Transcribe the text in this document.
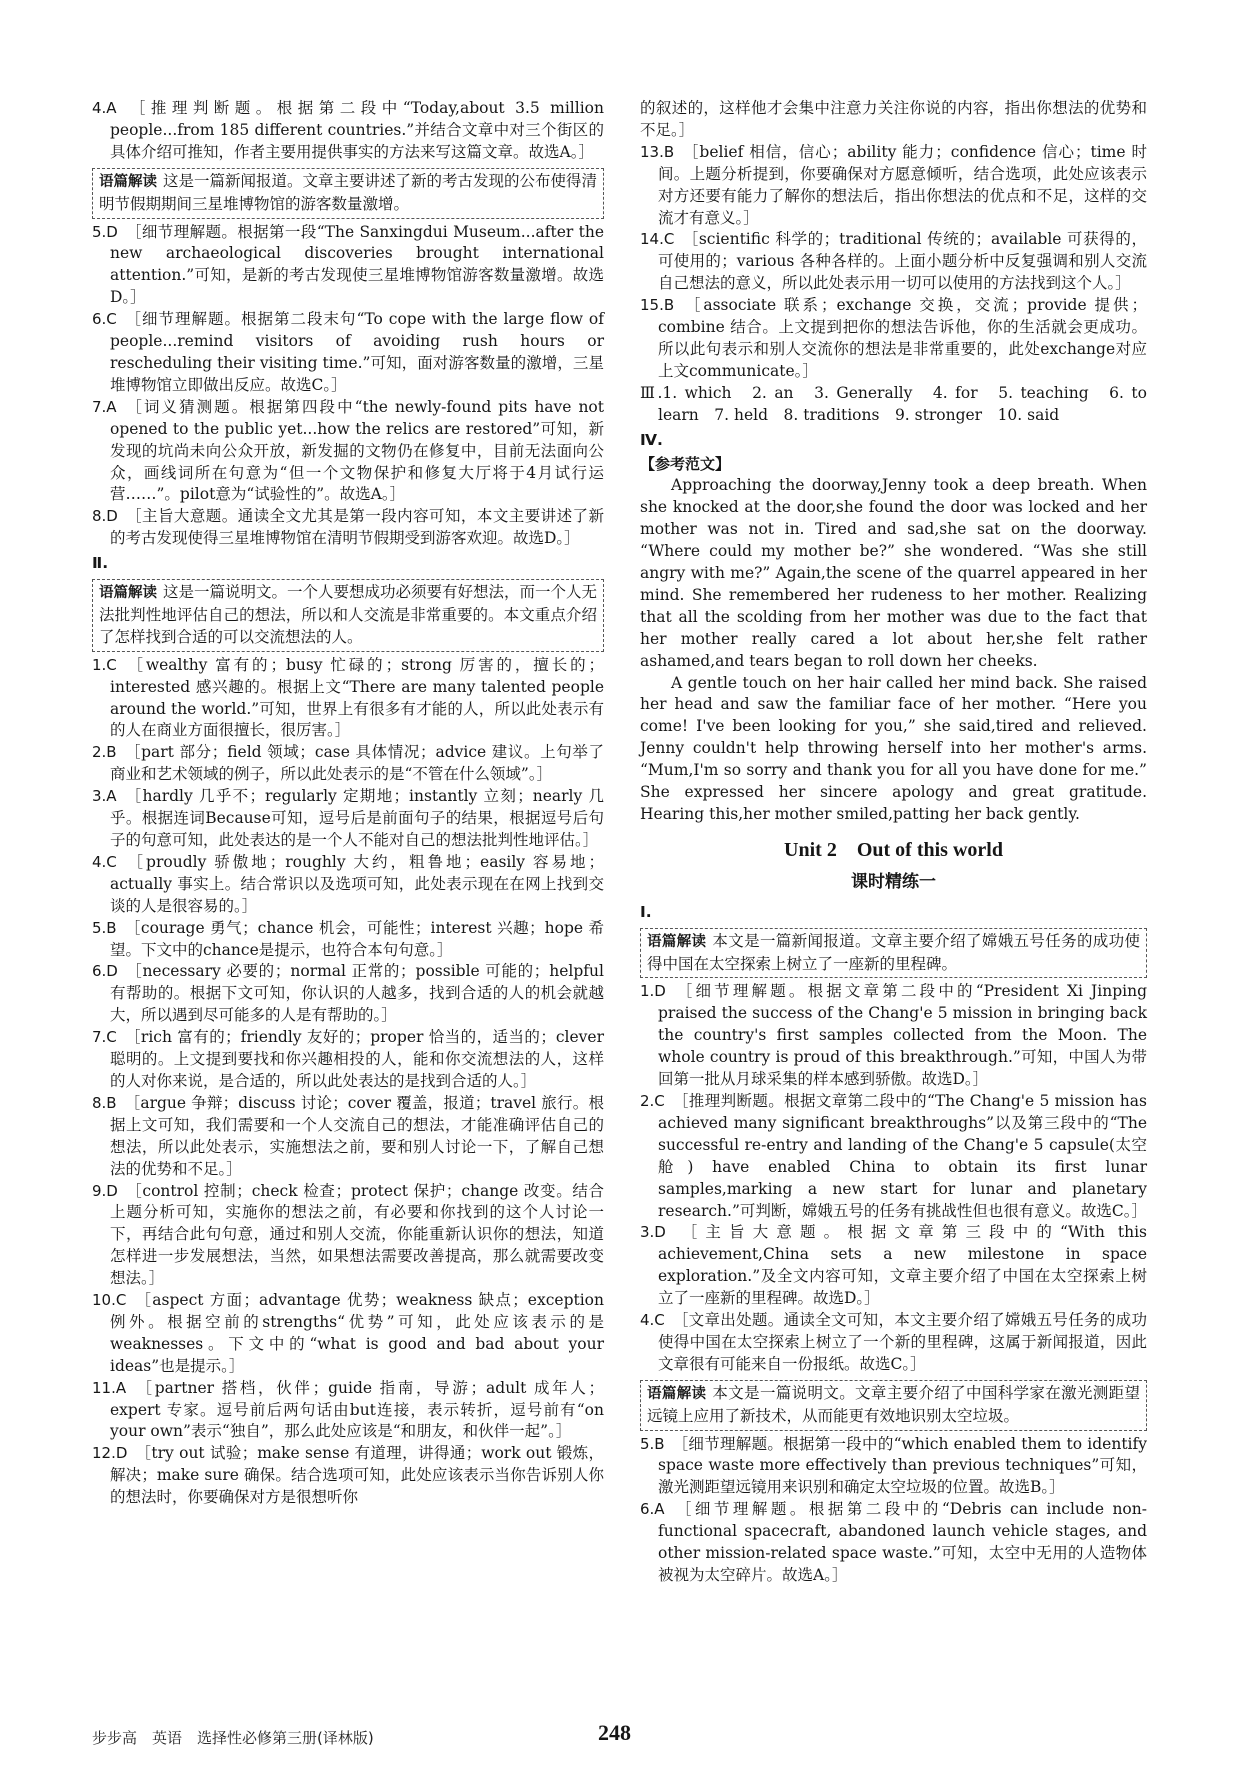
4.A  ［推理判断题。根据第二段中“Today,about 3.5 million people...from 185 different countries.”并结合文章中对三个街区的具体介绍可推知，作者主要用提供事实的方法来写这篇文章。故选A。］

语篇解读 这是一篇新闻报道。文章主要讲述了新的考古发现的公布使得清明节假期期间三星堆博物馆的游客数量激增。

5.D  ［细节理解题。根据第一段“The Sanxingdui Museum...after the new archaeological discoveries brought international attention.”可知，是新的考古发现使三星堆博物馆游客数量激增。故选D。］

6.C  ［细节理解题。根据第二段末句“To cope with the large flow of people...remind visitors of avoiding rush hours or rescheduling their visiting time.”可知，面对游客数量的激增，三星堆博物馆立即做出反应。故选C。］

7.A  ［词义猜测题。根据第四段中“the newly-found pits have not opened to the public yet...how the relics are restored”可知，新发现的坑尚未向公众开放，新发掘的文物仍在修复中，目前无法面向公众，画线词所在句意为“但一个文物保护和修复大厅将于4月试行运营……”。pilot意为“试验性的”。故选A。］

8.D  ［主旨大意题。通读全文尤其是第一段内容可知，本文主要讲述了新的考古发现使得三星堆博物馆在清明节假期受到游客欢迎。故选D。］

Ⅱ.
语篇解读 这是一篇说明文。一个人要想成功必须要有好想法，而一个人无法批判性地评估自己的想法，所以和人交流是非常重要的。本文重点介绍了怎样找到合适的可以交流想法的人。

1.C  ［wealthy 富有的；busy 忙碌的；strong 厉害的，擅长的；interested 感兴趣的。根据上文“There are many talented people around the world.”可知，世界上有很多有才能的人，所以此处表示有的人在商业方面很擅长，很厉害。］

2.B  ［part 部分；field 领域；case 具体情况；advice 建议。上句举了商业和艺术领域的例子，所以此处表示的是“不管在什么领域”。］

3.A  ［hardly 几乎不；regularly 定期地；instantly 立刻；nearly 几乎。根据连词Because可知，逗号后是前面句子的结果，根据逗号后句子的句意可知，此处表达的是一个人不能对自己的想法批判性地评估。］

4.C  ［proudly 骄傲地；roughly 大约，粗鲁地；easily 容易地；actually 事实上。结合常识以及选项可知，此处表示现在在网上找到交谈的人是很容易的。］

5.B  ［courage 勇气；chance 机会，可能性；interest 兴趣；hope 希望。下文中的chance是提示，也符合本句句意。］

6.D  ［necessary 必要的；normal 正常的；possible 可能的；helpful 有帮助的。根据下文可知，你认识的人越多，找到合适的人的机会就越大，所以遇到尽可能多的人是有帮助的。］

7.C  ［rich 富有的；friendly 友好的；proper 恰当的，适当的；clever 聪明的。上文提到要找和你兴趣相投的人，能和你交流想法的人，这样的人对你来说，是合适的，所以此处表达的是找到合适的人。］

8.B  ［argue 争辩；discuss 讨论；cover 覆盖，报道；travel 旅行。根据上文可知，我们需要和一个人交流自己的想法，才能准确评估自己的想法，所以此处表示，实施想法之前，要和别人讨论一下，了解自己想法的优势和不足。］

9.D  ［control 控制；check 检查；protect 保护；change 改变。结合上题分析可知，实施你的想法之前，有必要和你找到的这个人讨论一下，再结合此句句意，通过和别人交流，你能重新认识你的想法，知道怎样进一步发展想法，当然，如果想法需要改善提高，那么就需要改变想法。］

10.C  ［aspect 方面；advantage 优势；weakness 缺点；exception 例外。根据空前的strengths“优势”可知，此处应该表示的是weaknesses。下文中的“what is good and bad about your ideas”也是提示。］

11.A  ［partner 搭档，伙伴；guide 指南，导游；adult 成年人；expert 专家。逗号前后两句话由but连接，表示转折，逗号前有“on your own”表示“独自”，那么此处应该是“和朋友，和伙伴一起”。］

12.D  ［try out 试验；make sense 有道理，讲得通；work out 锻炼，解决；make sure 确保。结合选项可知，此处应该表示当你告诉别人你的想法时，你要确保对方是很想听你

的叙述的，这样他才会集中注意力关注你说的内容，指出你想法的优势和不足。］

13.B  ［belief 相信，信心；ability 能力；confidence 信心；time 时间。上题分析提到，你要确保对方愿意倾听，结合选项，此处应该表示对方还要有能力了解你的想法后，指出你想法的优点和不足，这样的交流才有意义。］

14.C  ［scientific 科学的；traditional 传统的；available 可获得的，可使用的；various 各种各样的。上面小题分析中反复强调和别人交流自己想法的意义，所以此处表示用一切可以使用的方法找到这个人。］

15.B  ［associate 联系；exchange 交换，交流；provide 提供；combine 结合。上文提到把你的想法告诉他，你的生活就会更成功。所以此句表示和别人交流你的想法是非常重要的，此处exchange对应上文communicate。］

Ⅲ.1. which　2. an　3. Generally　4. for　5. teaching　6. to learn　7. held　8. traditions　9. stronger　10. said

Ⅳ.
【参考范文】

Approaching the doorway,Jenny took a deep breath. When she knocked at the door,she found the door was locked and her mother was not in. Tired and sad,she sat on the doorway. “Where could my mother be?” she wondered. “Was she still angry with me?” Again,the scene of the quarrel appeared in her mind. She remembered her rudeness to her mother. Realizing that all the scolding from her mother was due to the fact that her mother really cared a lot about her,she felt rather ashamed,and tears began to roll down her cheeks.

A gentle touch on her hair called her mind back. She raised her head and saw the familiar face of her mother. “Here you come! I've been looking for you,” she said,tired and relieved. Jenny couldn't help throwing herself into her mother's arms. “Mum,I'm so sorry and thank you for all you have done for me.” She expressed her sincere apology and great gratitude. Hearing this,her mother smiled,patting her back gently.

Unit 2　Out of this world
课时精练一
Ⅰ.
语篇解读 本文是一篇新闻报道。文章主要介绍了嫦娥五号任务的成功使得中国在太空探索上树立了一座新的里程碑。

1.D  ［细节理解题。根据文章第二段中的“President Xi Jinping praised the success of the Chang'e 5 mission in bringing back the country's first samples collected from the Moon. The whole country is proud of this breakthrough.”可知，中国人为带回第一批从月球采集的样本感到骄傲。故选D。］

2.C  ［推理判断题。根据文章第二段中的“The Chang'e 5 mission has achieved many significant breakthroughs”以及第三段中的“The successful re-entry and landing of the Chang'e 5 capsule(太空舱) have enabled China to obtain its first lunar samples,marking a new start for lunar and planetary research.”可判断，嫦娥五号的任务有挑战性但也很有意义。故选C。］

3.D  ［主旨大意题。根据文章第三段中的“With this achievement,China sets a new milestone in space exploration.”及全文内容可知，文章主要介绍了中国在太空探索上树立了一座新的里程碑。故选D。］

4.C  ［文章出处题。通读全文可知，本文主要介绍了嫦娥五号任务的成功使得中国在太空探索上树立了一个新的里程碑，这属于新闻报道，因此文章很有可能来自一份报纸。故选C。］

语篇解读 本文是一篇说明文。文章主要介绍了中国科学家在激光测距望远镜上应用了新技术，从而能更有效地识别太空垃圾。

5.B  ［细节理解题。根据第一段中的“which enabled them to identify space waste more effectively than previous techniques”可知，激光测距望远镜用来识别和确定太空垃圾的位置。故选B。］

6.A  ［细节理解题。根据第二段中的“Debris can include non-functional spacecraft, abandoned launch vehicle stages, and other mission-related space waste.”可知，太空中无用的人造物体被视为太空碎片。故选A。］

步步高　英语　选择性必修第三册(译林版)	248
